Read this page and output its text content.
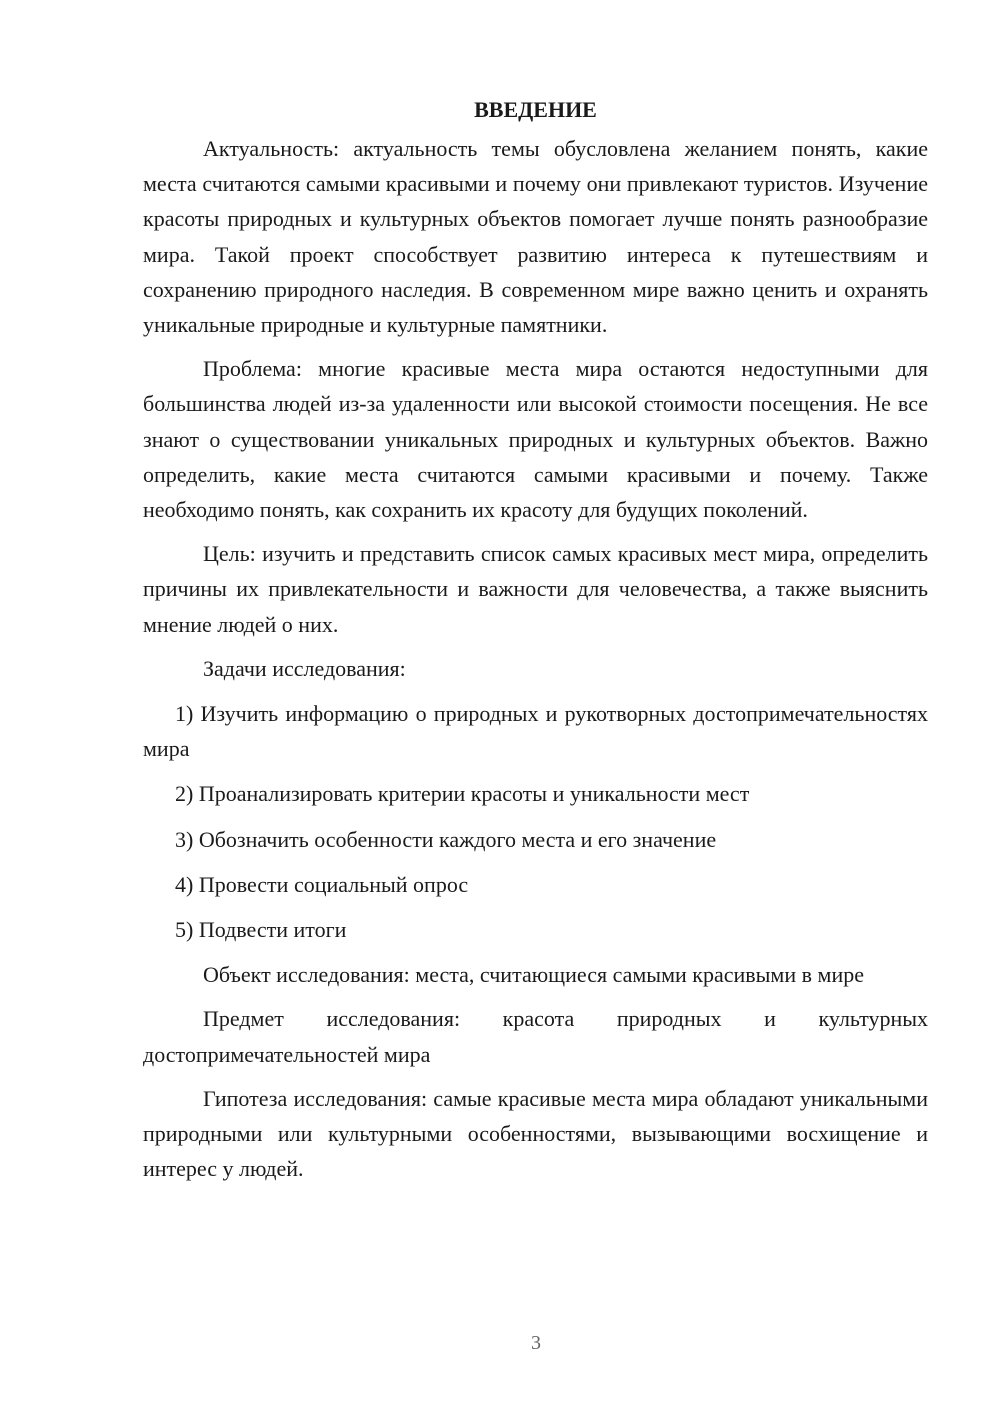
ВВЕДЕНИЕ

Актуальность: актуальность темы обусловлена желанием понять, какие места считаются самыми красивыми и почему они привлекают туристов. Изучение красоты природных и культурных объектов помогает лучше понять разнообразие мира. Такой проект способствует развитию интереса к путешествиям и сохранению природного наследия. В современном мире важно ценить и охранять уникальные природные и культурные памятники.

Проблема: многие красивые места мира остаются недоступными для большинства людей из-за удаленности или высокой стоимости посещения. Не все знают о существовании уникальных природных и культурных объектов. Важно определить, какие места считаются самыми красивыми и почему. Также необходимо понять, как сохранить их красоту для будущих поколений.

Цель: изучить и представить список самых красивых мест мира, определить причины их привлекательности и важности для человечества, а также выяснить мнение людей о них.

Задачи исследования:

1) Изучить информацию о природных и рукотворных достопримечательностях мира

2) Проанализировать критерии красоты и уникальности мест

3) Обозначить особенности каждого места и его значение

4) Провести социальный опрос

5) Подвести итоги

Объект исследования: места, считающиеся самыми красивыми в мире

Предмет исследования: красота природных и культурных достопримечательностей мира

Гипотеза исследования: самые красивые места мира обладают уникальными природными или культурными особенностями, вызывающими восхищение и интерес у людей.

3
